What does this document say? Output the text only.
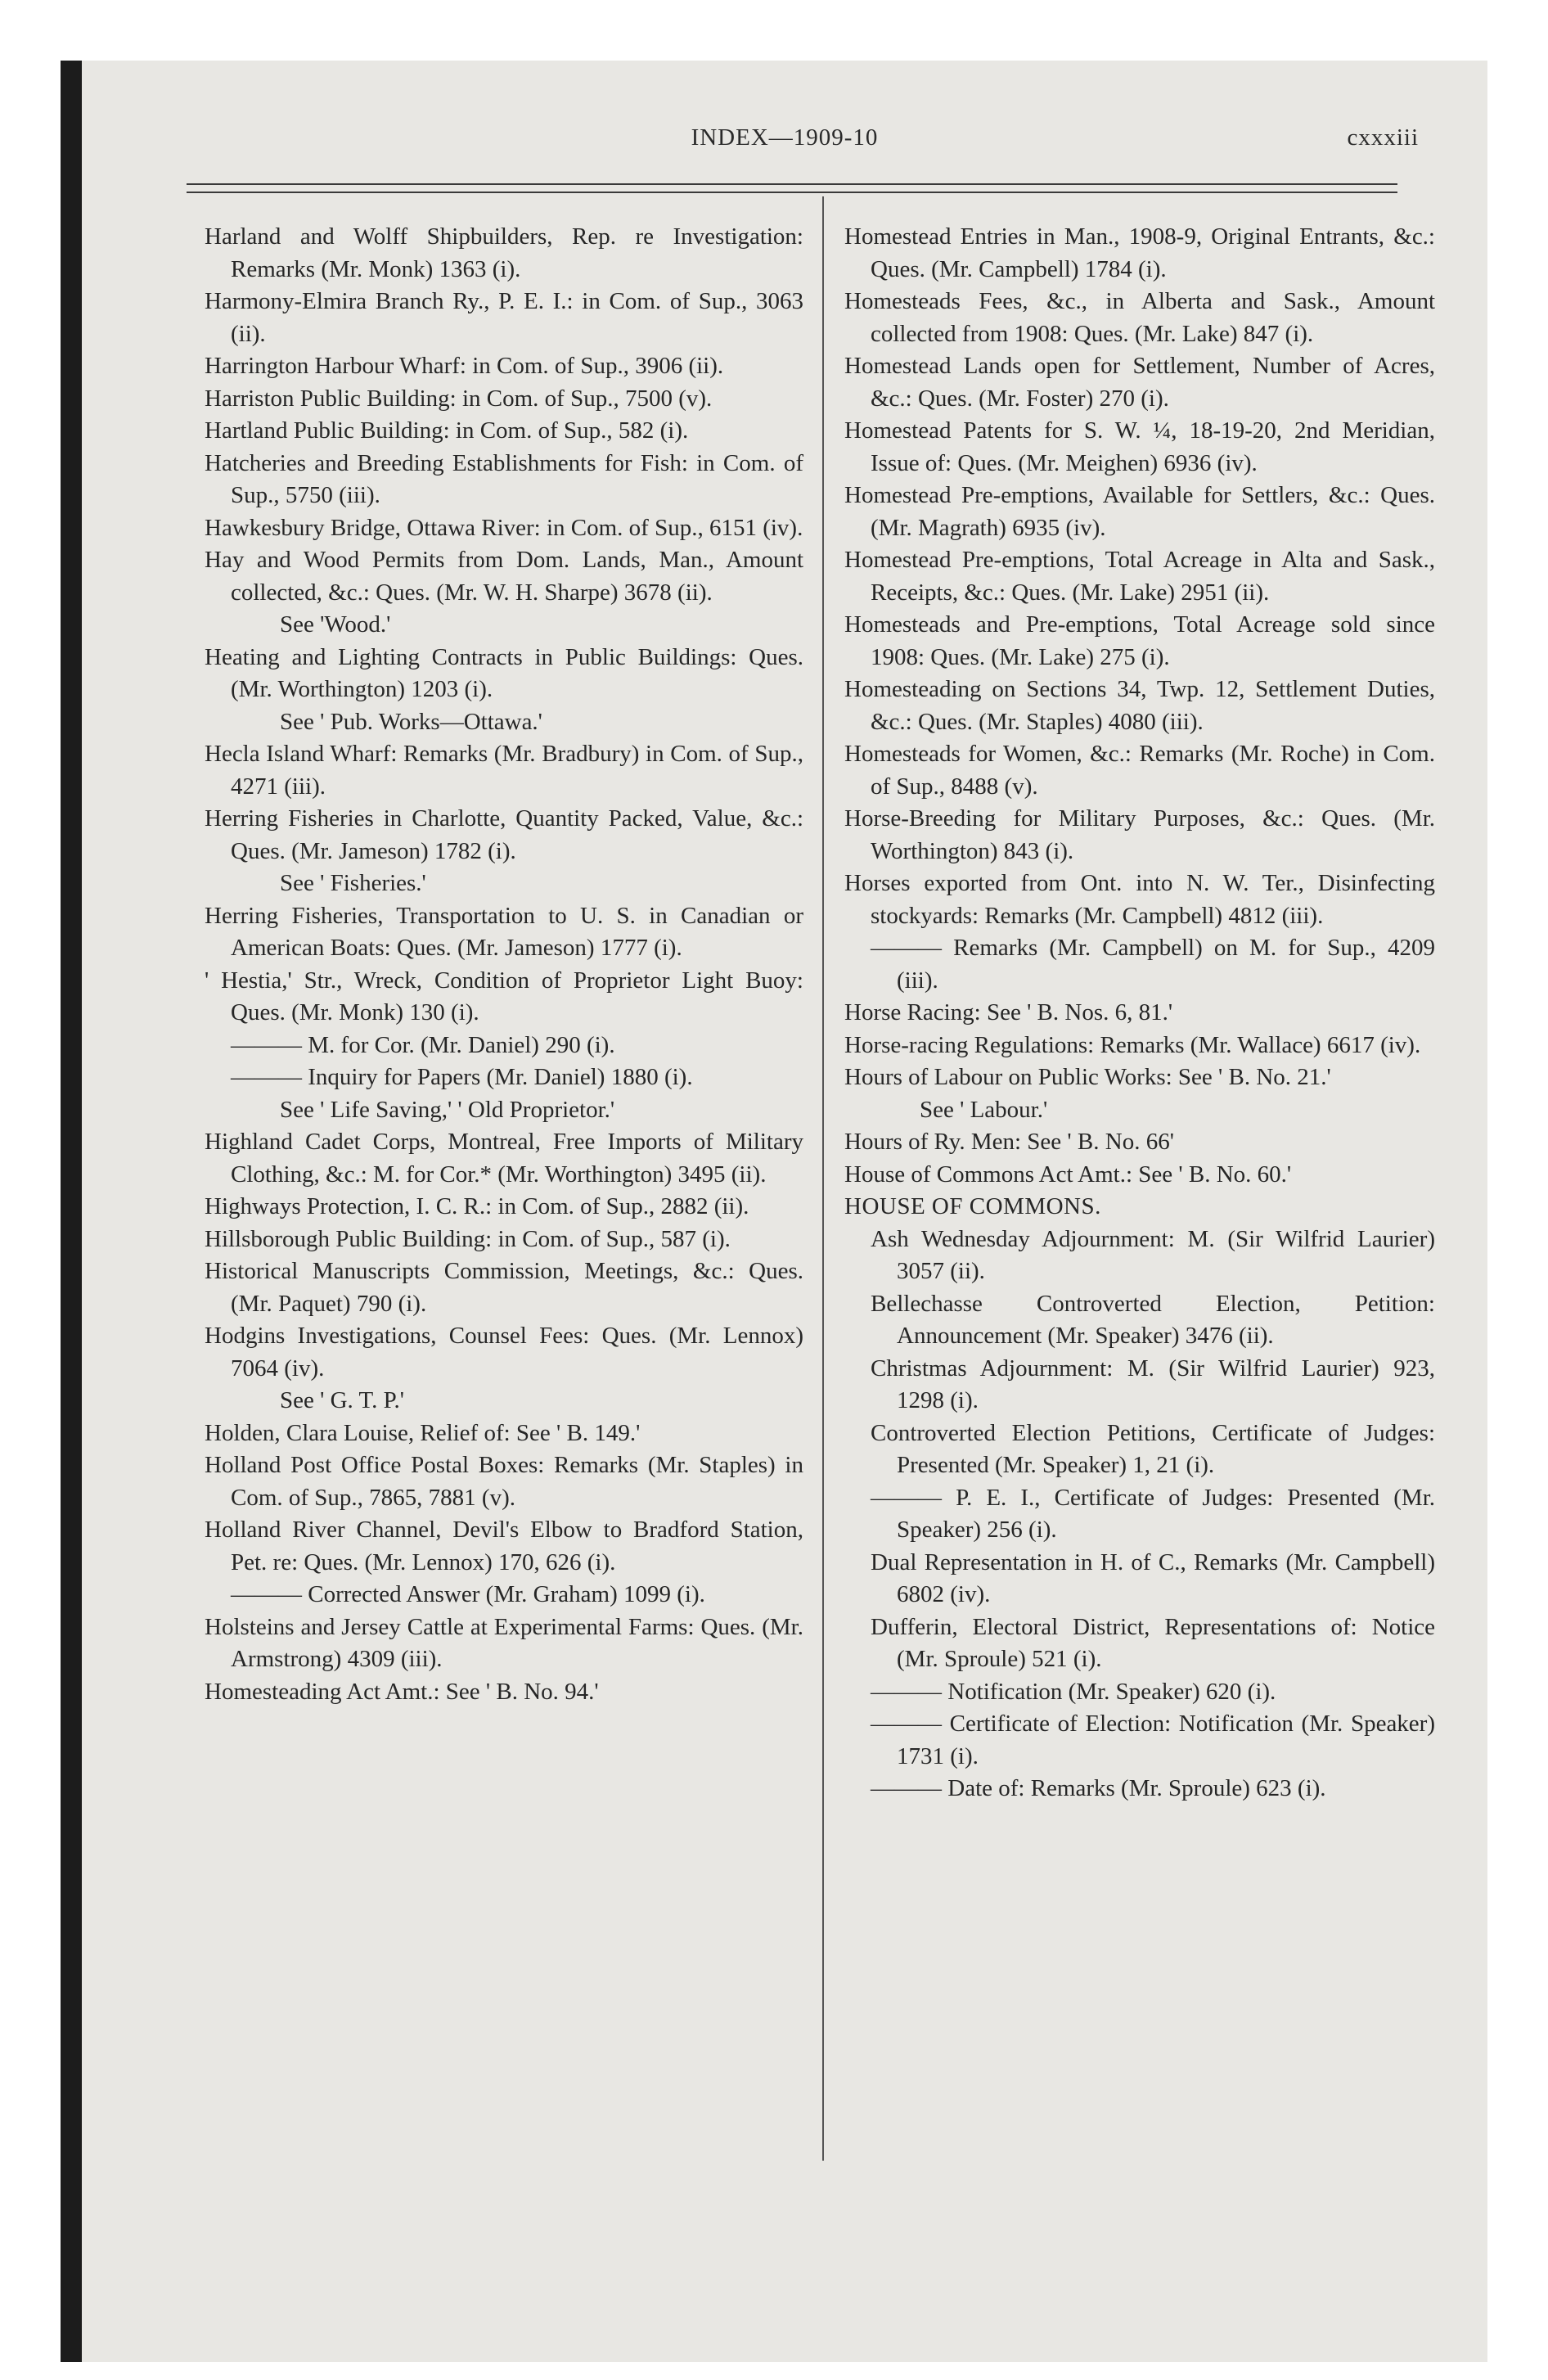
INDEX—1909-10	cxxxiii
Harland and Wolff Shipbuilders, Rep. re Investigation: Remarks (Mr. Monk) 1363 (i).
Harmony-Elmira Branch Ry., P. E. I.: in Com. of Sup., 3063 (ii).
Harrington Harbour Wharf: in Com. of Sup., 3906 (ii).
Harriston Public Building: in Com. of Sup., 7500 (v).
Hartland Public Building: in Com. of Sup., 582 (i).
Hatcheries and Breeding Establishments for Fish: in Com. of Sup., 5750 (iii).
Hawkesbury Bridge, Ottawa River: in Com. of Sup., 6151 (iv).
Hay and Wood Permits from Dom. Lands, Man., Amount collected, &c.: Ques. (Mr. W. H. Sharpe) 3678 (ii).
See 'Wood.'
Heating and Lighting Contracts in Public Buildings: Ques. (Mr. Worthington) 1203 (i).
See ' Pub. Works—Ottawa.'
Hecla Island Wharf: Remarks (Mr. Bradbury) in Com. of Sup., 4271 (iii).
Herring Fisheries in Charlotte, Quantity Packed, Value, &c.: Ques. (Mr. Jameson) 1782 (i).
See ' Fisheries.'
Herring Fisheries, Transportation to U. S. in Canadian or American Boats: Ques. (Mr. Jameson) 1777 (i).
' Hestia,' Str., Wreck, Condition of Proprietor Light Buoy: Ques. (Mr. Monk) 130 (i).
——— M. for Cor. (Mr. Daniel) 290 (i).
——— Inquiry for Papers (Mr. Daniel) 1880 (i).
See ' Life Saving,' ' Old Proprietor.'
Highland Cadet Corps, Montreal, Free Imports of Military Clothing, &c.: M. for Cor.* (Mr. Worthington) 3495 (ii).
Highways Protection, I. C. R.: in Com. of Sup., 2882 (ii).
Hillsborough Public Building: in Com. of Sup., 587 (i).
Historical Manuscripts Commission, Meetings, &c.: Ques. (Mr. Paquet) 790 (i).
Hodgins Investigations, Counsel Fees: Ques. (Mr. Lennox) 7064 (iv).
See ' G. T. P.'
Holden, Clara Louise, Relief of: See ' B. 149.'
Holland Post Office Postal Boxes: Remarks (Mr. Staples) in Com. of Sup., 7865, 7881 (v).
Holland River Channel, Devil's Elbow to Bradford Station, Pet. re: Ques. (Mr. Lennox) 170, 626 (i).
——— Corrected Answer (Mr. Graham) 1099 (i).
Holsteins and Jersey Cattle at Experimental Farms: Ques. (Mr. Armstrong) 4309 (iii).
Homesteading Act Amt.: See ' B. No. 94.'
Homestead Entries in Man., 1908-9, Original Entrants, &c.: Ques. (Mr. Campbell) 1784 (i).
Homesteads Fees, &c., in Alberta and Sask., Amount collected from 1908: Ques. (Mr. Lake) 847 (i).
Homestead Lands open for Settlement, Number of Acres, &c.: Ques. (Mr. Foster) 270 (i).
Homestead Patents for S. W. ¼, 18-19-20, 2nd Meridian, Issue of: Ques. (Mr. Meighen) 6936 (iv).
Homestead Pre-emptions, Available for Settlers, &c.: Ques. (Mr. Magrath) 6935 (iv).
Homestead Pre-emptions, Total Acreage in Alta and Sask., Receipts, &c.: Ques. (Mr. Lake) 2951 (ii).
Homesteads and Pre-emptions, Total Acreage sold since 1908: Ques. (Mr. Lake) 275 (i).
Homesteading on Sections 34, Twp. 12, Settlement Duties, &c.: Ques. (Mr. Staples) 4080 (iii).
Homesteads for Women, &c.: Remarks (Mr. Roche) in Com. of Sup., 8488 (v).
Horse-Breeding for Military Purposes, &c.: Ques. (Mr. Worthington) 843 (i).
Horses exported from Ont. into N. W. Ter., Disinfecting stockyards: Remarks (Mr. Campbell) 4812 (iii).
——— Remarks (Mr. Campbell) on M. for Sup., 4209 (iii).
Horse Racing: See ' B. Nos. 6, 81.'
Horse-racing Regulations: Remarks (Mr. Wallace) 6617 (iv).
Hours of Labour on Public Works: See ' B. No. 21.'
See ' Labour.'
Hours of Ry. Men: See ' B. No. 66'
House of Commons Act Amt.: See ' B. No. 60.'
HOUSE OF COMMONS.
Ash Wednesday Adjournment: M. (Sir Wilfrid Laurier) 3057 (ii).
Bellechasse Controverted Election, Petition: Announcement (Mr. Speaker) 3476 (ii).
Christmas Adjournment: M. (Sir Wilfrid Laurier) 923, 1298 (i).
Controverted Election Petitions, Certificate of Judges: Presented (Mr. Speaker) 1, 21 (i).
——— P. E. I., Certificate of Judges: Presented (Mr. Speaker) 256 (i).
Dual Representation in H. of C., Remarks (Mr. Campbell) 6802 (iv).
Dufferin, Electoral District, Representations of: Notice (Mr. Sproule) 521 (i).
——— Notification (Mr. Speaker) 620 (i).
——— Certificate of Election: Notification (Mr. Speaker) 1731 (i).
——— Date of: Remarks (Mr. Sproule) 623 (i).
